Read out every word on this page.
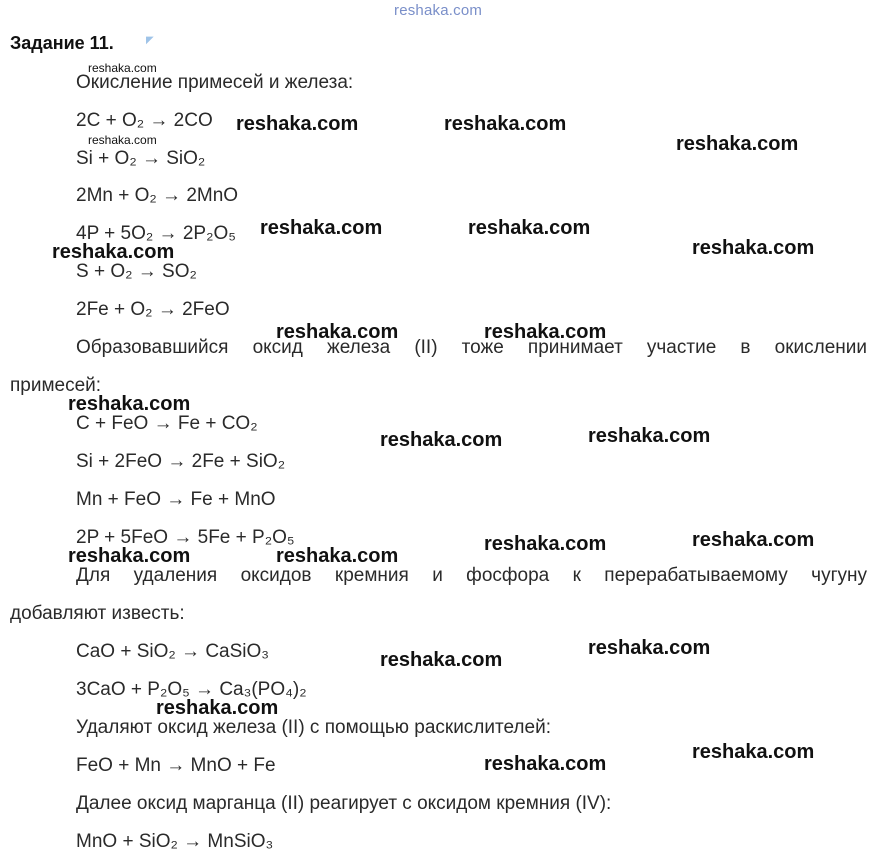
reshaka.com
Задание 11.	◤
Окисление примесей и железа:
2C + O₂ → 2CO
Si + O₂ → SiO₂
2Mn + O₂ → 2MnO
4P + 5O₂ → 2P₂O₅
S + O₂ → SO₂
2Fe + O₂ → 2FeO
Образовавшийся оксид железа (II) тоже принимает участие в окислении
примесей:
C + FeO → Fe + CO₂
Si + 2FeO → 2Fe + SiO₂
Mn + FeO → Fe + MnO
2P + 5FeO → 5Fe + P₂O₅
Для удаления оксидов кремния и фосфора к перерабатываемому чугуну
добавляют известь:
CaO + SiO₂ → CaSiO₃
3CaO + P₂O₅ → Ca₃(PO₄)₂
Удаляют оксид железа (II) с помощью раскислителей:
FeO + Mn → MnO + Fe
Далее оксид марганца (II) реагирует с оксидом кремния (IV):
MnO + SiO₂ → MnSiO₃
reshaka.com
reshaka.com
reshaka.com	reshaka.com
reshaka.com
reshaka.com	reshaka.com
reshaka.com
reshaka.com
reshaka.com	reshaka.com
reshaka.com
reshaka.com	reshaka.com
reshaka.com	reshaka.com
reshaka.com	reshaka.com
reshaka.com
reshaka.com
reshaka.com
reshaka.com
reshaka.com
